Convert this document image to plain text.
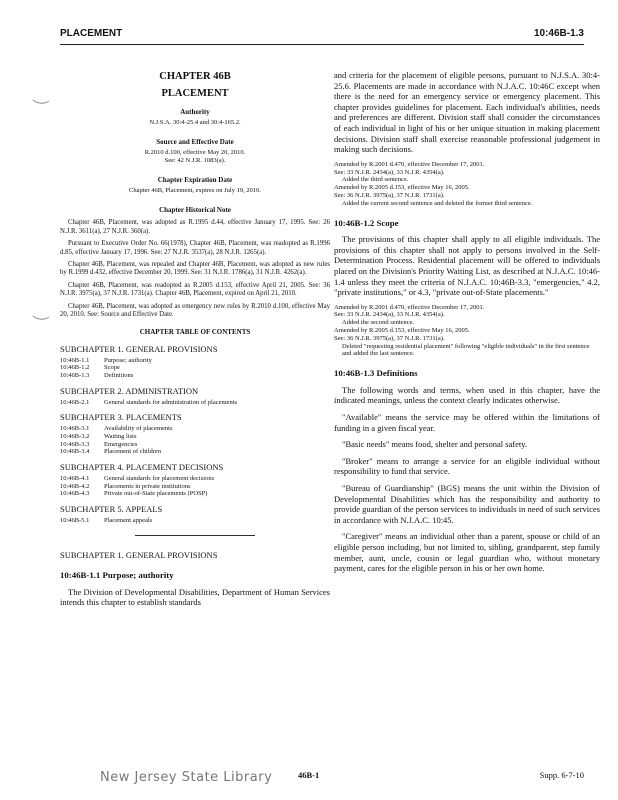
PLACEMENT	10:46B-1.3
CHAPTER 46B
PLACEMENT
Authority
N.J.S.A. 30:4-25.4 and 30:4-165.2.
Source and Effective Date
R.2010 d.100, effective May 20, 2010.
See: 42 N.J.R. 1083(a).
Chapter Expiration Date
Chapter 46B, Placement, expires on July 19, 2010.
Chapter Historical Note
Chapter 46B, Placement, was adopted as R.1995 d.44, effective January 17, 1995. See: 26 N.J.R. 3611(a), 27 N.J.R. 360(a).
Pursuant to Executive Order No. 66(1978), Chapter 46B, Placement, was readopted as R.1996 d.85, effective January 17, 1996. See: 27 N.J.R. 3537(a), 28 N.J.R. 1265(a).
Chapter 46B, Placement, was repealed and Chapter 46B, Placement, was adopted as new rules by R.1999 d.432, effective December 20, 1999. See: 31 N.J.R. 1786(a), 31 N.J.R. 4262(a).
Chapter 46B, Placement, was readopted as R.2005 d.153, effective April 21, 2005. See: 36 N.J.R. 3975(a), 37 N.J.R. 1731(a). Chapter 46B, Placement, expired on April 21, 2010.
Chapter 46B, Placement, was adopted as emergency new rules by R.2010 d.100, effective May 20, 2010. See: Source and Effective Date.
CHAPTER TABLE OF CONTENTS
SUBCHAPTER 1. GENERAL PROVISIONS
10:46B-1.1	Purpose; authority
10:46B-1.2	Scope
10:46B-1.3	Definitions
SUBCHAPTER 2. ADMINISTRATION
10:46B-2.1	General standards for administration of placements
SUBCHAPTER 3. PLACEMENTS
10:46B-3.1	Availability of placements
10:46B-3.2	Waiting lists
10:46B-3.3	Emergencies
10:46B-3.4	Placement of children
SUBCHAPTER 4. PLACEMENT DECISIONS
10:46B-4.1	General standards for placement decisions
10:46B-4.2	Placements in private institutions
10:46B-4.3	Private out-of-State placements (POSP)
SUBCHAPTER 5. APPEALS
10:46B-5.1	Placement appeals
SUBCHAPTER 1. GENERAL PROVISIONS
10:46B-1.1 Purpose; authority

The Division of Developmental Disabilities, Department of Human Services intends this chapter to establish standards

and criteria for the placement of eligible persons, pursuant to N.J.S.A. 30:4-25.6. Placements are made in accordance with N.J.A.C. 10:46C except when there is the need for an emergency service or emergency placement. This chapter provides guidelines for placement. Each individual's abilities, needs and preferences are different. Division staff shall consider the circumstances of each individual in light of his or her unique situation in making placement decisions. Division staff shall exercise reasonable professional judgement in making such decisions.

Amended by R.2001 d.470, effective December 17, 2001.
See: 33 N.J.R. 2434(a), 33 N.J.R. 4354(a).
Added the third sentence.
Amended by R.2005 d.153, effective May 16, 2005.
See: 36 N.J.R. 3975(a), 37 N.J.R. 1731(a).
Added the current second sentence and deleted the former third sentence.
10:46B-1.2 Scope

The provisions of this chapter shall apply to all eligible individuals. The provisions of this chapter shall not apply to persons involved in the Self-Determination Process. Residential placement will be offered to individuals placed on the Division's Priority Waiting List, as described at N.J.A.C. 10:46-1.4 unless they meet the criteria of N.J.A.C. 10:46B-3.3, "emergencies," 4.2, "private institutions," or 4.3, "private out-of-State placements."

Amended by R.2001 d.470, effective December 17, 2001.
See: 33 N.J.R. 2434(a), 33 N.J.R. 4354(a).
Added the second sentence.
Amended by R.2005 d.153, effective May 16, 2005.
See: 36 N.J.R. 3975(a), 37 N.J.R. 1731(a).
Deleted "requesting residential placement" following "eligible individuals" in the first sentence and added the last sentence.
10:46B-1.3 Definitions

The following words and terms, when used in this chapter, have the indicated meanings, unless the context clearly indicates otherwise.

"Available" means the service may be offered within the limitations of funding in a given fiscal year.

"Basic needs" means food, shelter and personal safety.

"Broker" means to arrange a service for an eligible individual without responsibility to fund that service.

"Bureau of Guardianship" (BGS) means the unit within the Division of Developmental Disabilities which has the responsibility and authority to provide guardian of the person services to individuals in need of such services in accordance with N.J.A.C. 10:45.

"Caregiver" means an individual other than a parent, spouse or child of an eligible person including, but not limited to, sibling, grandparent, step family member, aunt, uncle, cousin or legal guardian who, without monetary payment, cares for the eligible person in his or her own home.

New Jersey State Library	46B-1	Supp. 6-7-10
